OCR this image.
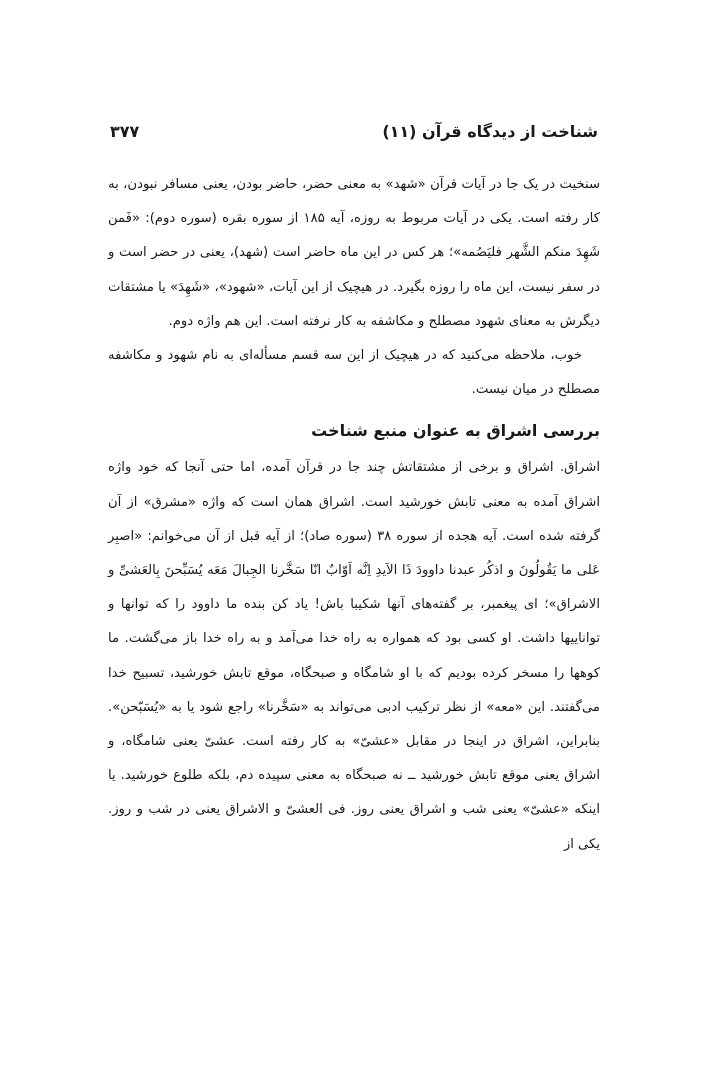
شناخت از دیدگاه قرآن (۱۱)
۳۷۷

سنخیت در یک جا در آیات قرآن «شهد» به معنی حضر، حاضر بودن، یعنی مسافر نبودن، به کار رفته است. یکی در آیات مربوط به روزه، آیه ۱۸۵ از سوره بقره (سوره دوم): «فَمن شَهِدَ منکم الشَّهر فلیَصُمه»؛ هر کس در این ماه حاضر است (شهد)، یعنی در حضر است و در سفر نیست، این ماه را روزه بگیرد. در هیچیک از این آیات، «شهود»، «شَهِدَ» یا مشتقات دیگرش به معنای شهود مصطلح و مکاشفه به کار نرفته است. این هم واژه دوم.

خوب، ملاحظه می‌کنید که در هیچیک از این سه قسم مسأله‌ای به نام شهود و مکاشفه مصطلح در میان نیست.

بررسی اشراق به عنوان منبع شناخت

اشراق. اشراق و برخی از مشتقاتش چند جا در قرآن آمده، اما حتی آنجا که خود واژه اشراق آمده به معنی تابش خورشید است. اشراق همان است که واژه «مشرق» از آن گرفته شده است. آیه هجده از سوره ۳۸ (سوره صاد)؛ از آیه قبل از آن می‌خوانم: «اصبِر عَلی ما یَقُولُونَ و اذکُر عبدنا داوودَ ذَا الاَیدِ اِنَّه اَوّابٌ انّا سَخَّرنا الجِبالَ مَعَه یُسَبِّحنَ بِالعَشیِّ و الاشراق»؛ ای پیغمبر، بر گفته‌های آنها شکیبا باش! یاد کن بنده ما داوود را که توانها و تواناییها داشت. او کسی بود که همواره به راه خدا می‌آمد و به راه خدا باز می‌گشت. ما کوهها را مسخر کرده بودیم که با او شامگاه و صبحگاه، موقع تابش خورشید، تسبیح خدا می‌گفتند. این «معه» از نظر ترکیب ادبی می‌تواند به «سَخَّرنا» راجع شود یا به «یُسَبّحن». بنابراین، اشراق در اینجا در مقابل «عشیّ» به کار رفته است. عشیّ یعنی شامگاه، و اشراق یعنی موقع تابش خورشید ــ نه صبحگاه به معنی سپیده دم، بلکه طلوع خورشید. یا اینکه «عشیّ» یعنی شب و اشراق یعنی روز. فی العشیّ و الاشراق یعنی در شب و روز. یکی از
